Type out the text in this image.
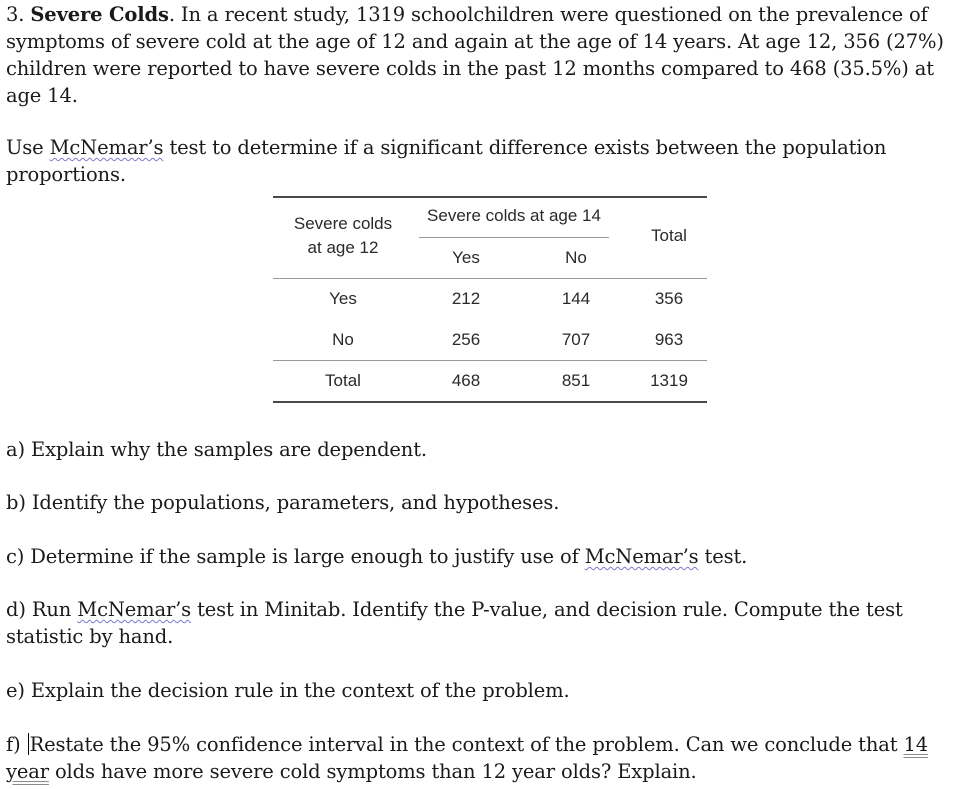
3. Severe Colds. In a recent study, 1319 schoolchildren were questioned on the prevalence of symptoms of severe cold at the age of 12 and again at the age of 14 years. At age 12, 356 (27%) children were reported to have severe colds in the past 12 months compared to 468 (35.5%) at age 14.

Use McNemar’s test to determine if a significant difference exists between the population proportions.

Severe colds
at age 12
Severe colds at age 14
Yes	No
Total
Yes	212	144	356
No	256	707	963
Total	468	851	1319

a) Explain why the samples are dependent.

b) Identify the populations, parameters, and hypotheses.

c) Determine if the sample is large enough to justify use of McNemar’s test.

d) Run McNemar’s test in Minitab. Identify the P-value, and decision rule. Compute the test statistic by hand.

e) Explain the decision rule in the context of the problem.

f) Restate the 95% confidence interval in the context of the problem. Can we conclude that 14 year olds have more severe cold symptoms than 12 year olds? Explain.
